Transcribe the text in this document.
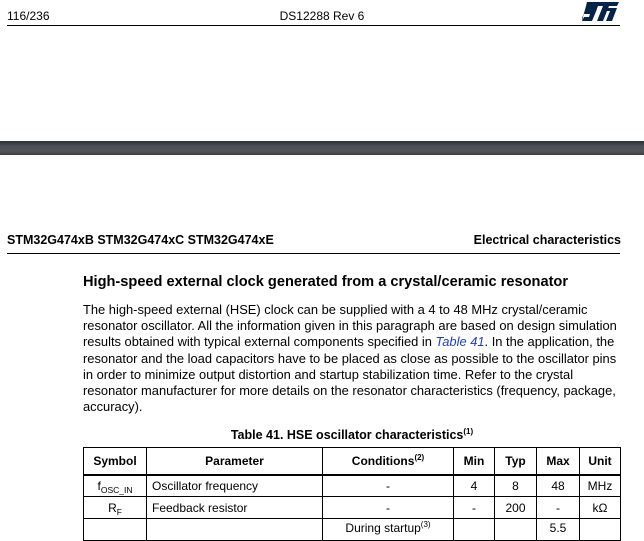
116/236	DS12288 Rev 6
STM32G474xB STM32G474xC STM32G474xE	Electrical characteristics
High-speed external clock generated from a crystal/ceramic resonator
The high-speed external (HSE) clock can be supplied with a 4 to 48 MHz crystal/ceramic resonator oscillator. All the information given in this paragraph are based on design simulation results obtained with typical external components specified in Table 41. In the application, the resonator and the load capacitors have to be placed as close as possible to the oscillator pins in order to minimize output distortion and startup stabilization time. Refer to the crystal resonator manufacturer for more details on the resonator characteristics (frequency, package, accuracy).
Table 41. HSE oscillator characteristics$^{(1)}$
Symbol	Parameter	Conditions$^{(2)}$	Min	Typ	Max	Unit
$f_{OSC\_IN}$	Oscillator frequency	-	4	8	48	MHz
$R_F$	Feedback resistor	-	-	200	-	kΩ
		During startup$^{(3)}$			5.5	
